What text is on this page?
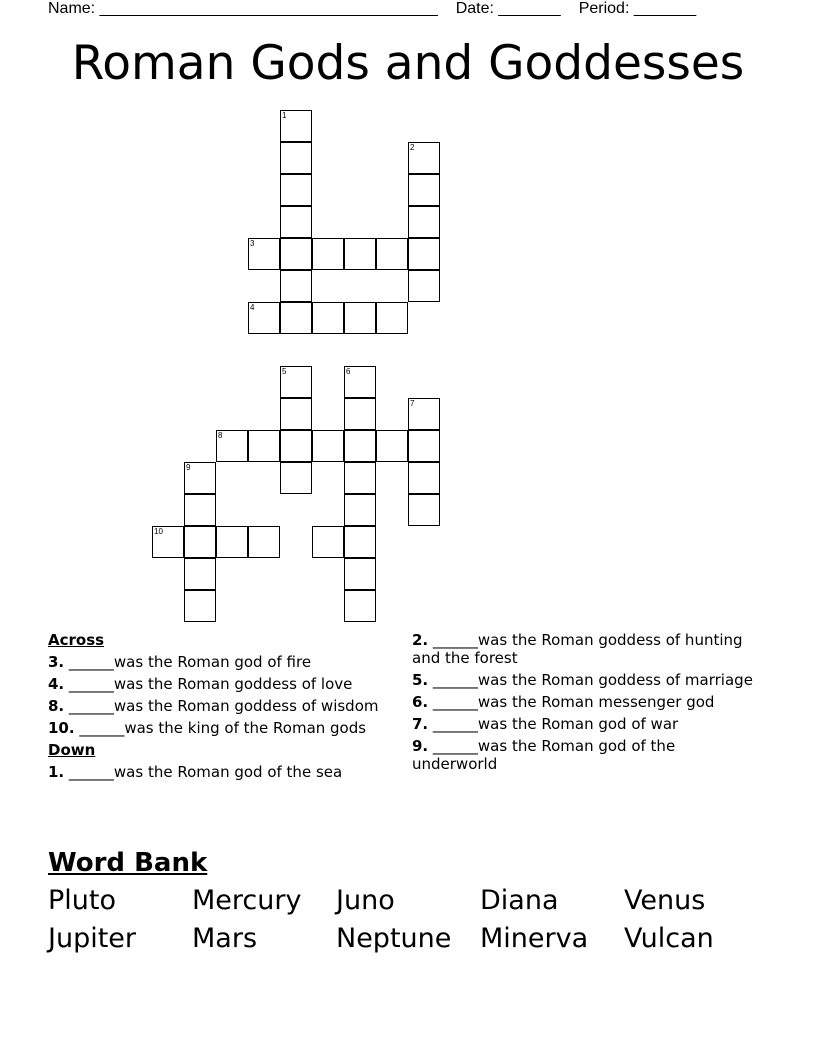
Name: ______________________________________ Date: _______ Period: _______
Roman Gods and Goddesses
1
2
3
4
5	6
7
8
9
10
Across
3. ______was the Roman god of fire
4. ______was the Roman goddess of love
8. ______was the Roman goddess of wisdom
10. ______was the king of the Roman gods
Down
1. ______was the Roman god of the sea
2. ______was the Roman goddess of hunting and the forest
5. ______was the Roman goddess of marriage
6. ______was the Roman messenger god
7. ______was the Roman god of war
9. ______was the Roman god of the underworld
Word Bank
Pluto	Mercury	Juno	Diana	Venus
Jupiter	Mars	Neptune	Minerva	Vulcan
